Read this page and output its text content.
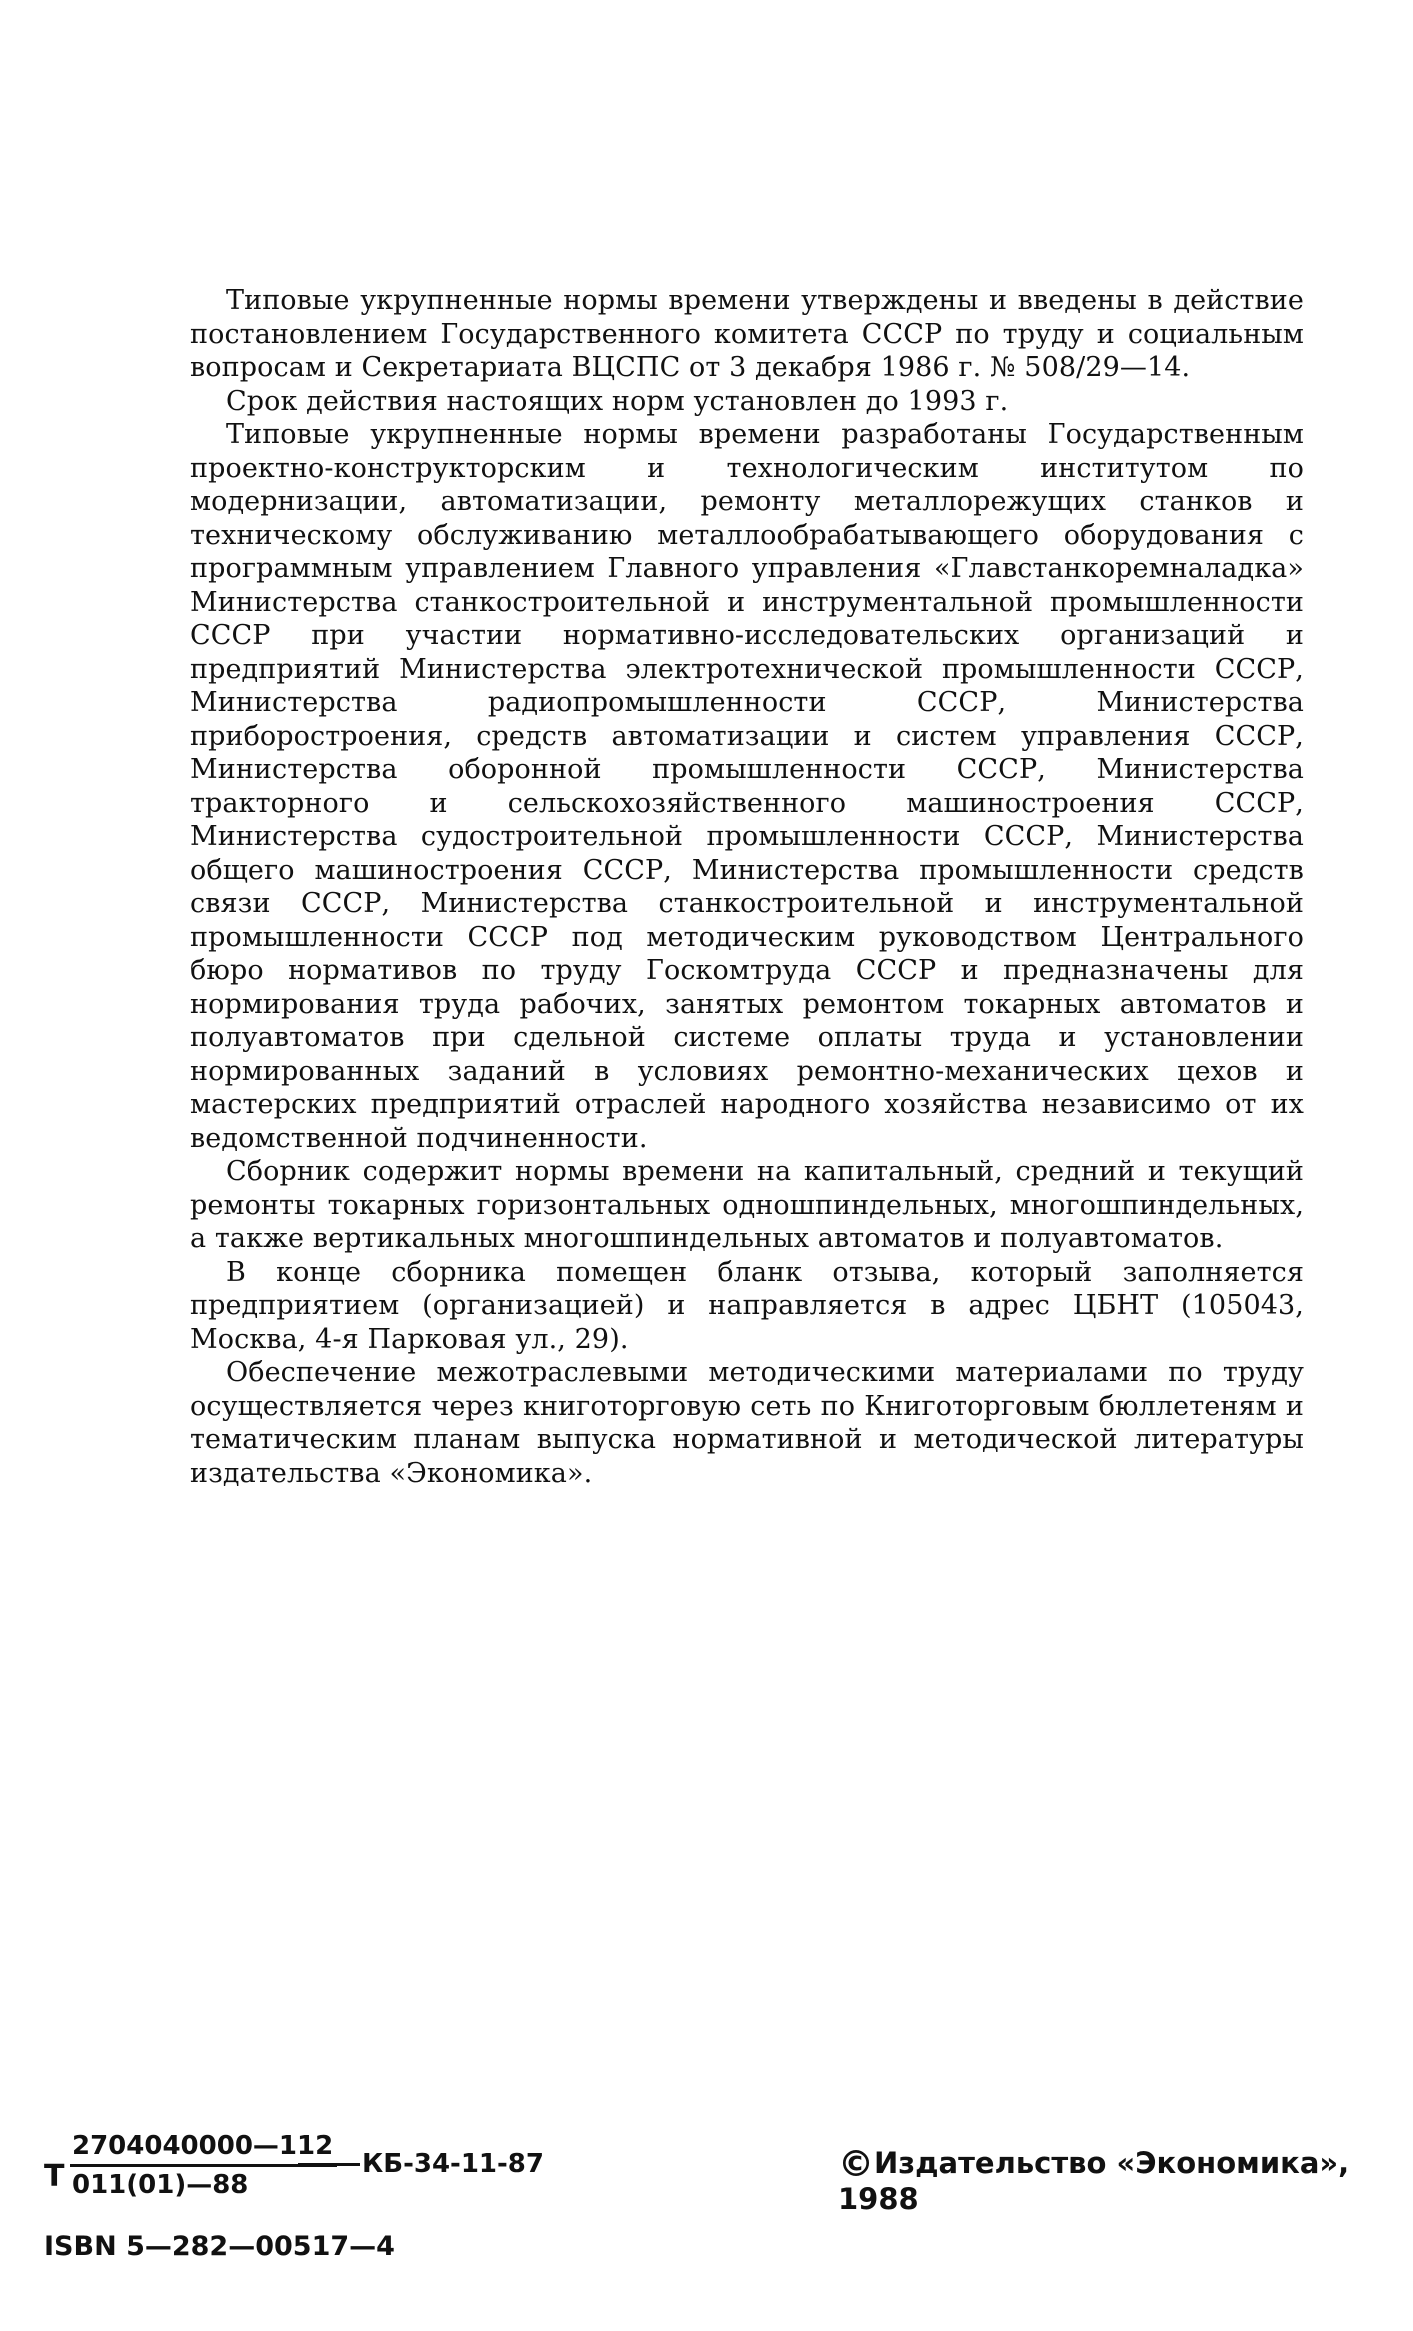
Типовые укрупненные нормы времени утверждены и введены в действие постановлением Государственного комитета СССР по труду и социальным вопросам и Секретариата ВЦСПС от 3 декабря 1986 г. № 508/29—14.

Срок действия настоящих норм установлен до 1993 г.

Типовые укрупненные нормы времени разработаны Государственным проектно-конструкторским и технологическим институтом по модернизации, автоматизации, ремонту металлорежущих станков и техническому обслуживанию металлообрабатывающего оборудования с программным управлением Главного управления «Главстанкоремналадка» Министерства станкостроительной и инструментальной промышленности СССР при участии нормативно-исследовательских организаций и предприятий Министерства электротехнической промышленности СССР, Министерства радиопромышленности СССР, Министерства приборостроения, средств автоматизации и систем управления СССР, Министерства оборонной промышленности СССР, Министерства тракторного и сельскохозяйственного машиностроения СССР, Министерства судостроительной промышленности СССР, Министерства общего машиностроения СССР, Министерства промышленности средств связи СССР, Министерства станкостроительной и инструментальной промышленности СССР под методическим руководством Центрального бюро нормативов по труду Госкомтруда СССР и предназначены для нормирования труда рабочих, занятых ремонтом токарных автоматов и полуавтоматов при сдельной системе оплаты труда и установлении нормированных заданий в условиях ремонтно-механических цехов и мастерских предприятий отраслей народного хозяйства независимо от их ведомственной подчиненности.

Сборник содержит нормы времени на капитальный, средний и текущий ремонты токарных горизонтальных одношпиндельных, многошпиндельных, а также вертикальных многошпиндельных автоматов и полуавтоматов.

В конце сборника помещен бланк отзыва, который заполняется предприятием (организацией) и направляется в адрес ЦБНТ (105043, Москва, 4-я Парковая ул., 29).

Обеспечение межотраслевыми методическими материалами по труду осуществляется через книготорговую сеть по Книготорговым бюллетеням и тематическим планам выпуска нормативной и методической литературы издательства «Экономика».

Т $\frac{2704040000—112}{011(01)—88} КБ-34-11-87$	©Издательство «Экономика», 1988
ISBN 5—282—00517—4
